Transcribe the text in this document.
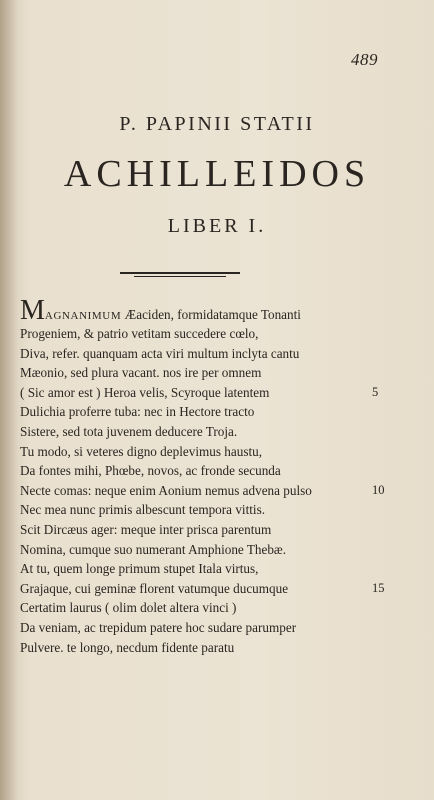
489
P. PAPINII STATII
ACHILLEIDOS
LIBER I.
MAGNANIMUM Æaciden, formidatamque Tonanti
Progeniem, & patrio vetitam succedere cœlo,
Diva, refer. quanquam acta viri multum inclyta cantu
Mæonio, sed plura vacant. nos ire per omnem
( Sic amor est ) Heroa velis, Scyroque latentem	5
Dulichia proferre tuba: nec in Hectore tracto
Sistere, sed tota juvenem deducere Troja.
Tu modo, si veteres digno deplevimus haustu,
Da fontes mihi, Phœbe, novos, ac fronde secunda
Necte comas: neque enim Aonium nemus advena pulso	10
Nec mea nunc primis albescunt tempora vittis.
Scit Dircæus ager: meque inter prisca parentum
Nomina, cumque suo numerant Amphione Thebæ.
At tu, quem longe primum stupet Itala virtus,
Grajaque, cui geminæ florent vatumque ducumque	15
Certatim laurus ( olim dolet altera vinci )
Da veniam, ac trepidum patere hoc sudare parumper
Pulvere. te longo, necdum fidente paratu
